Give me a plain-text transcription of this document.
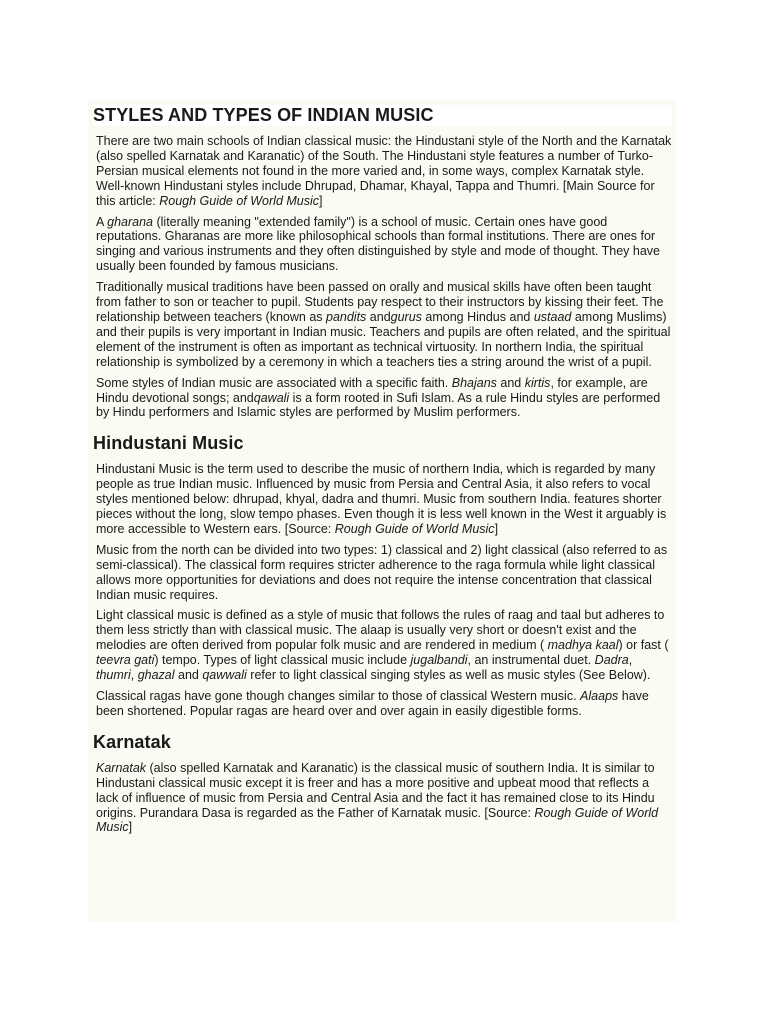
STYLES AND TYPES OF INDIAN MUSIC

There are two main schools of Indian classical music: the Hindustani style of the North and the Karnatak (also spelled Karnatak and Karanatic) of the South. The Hindustani style features a number of Turko-Persian musical elements not found in the more varied and, in some ways, complex Karnatak style. Well-known Hindustani styles include Dhrupad, Dhamar, Khayal, Tappa and Thumri. [Main Source for this article: Rough Guide of World Music]

A gharana (literally meaning "extended family") is a school of music. Certain ones have good reputations. Gharanas are more like philosophical schools than formal institutions. There are ones for singing and various instruments and they often distinguished by style and mode of thought. They have usually been founded by famous musicians.

Traditionally musical traditions have been passed on orally and musical skills have often been taught from father to son or teacher to pupil. Students pay respect to their instructors by kissing their feet. The relationship between teachers (known as pandits andgurus among Hindus and ustaad among Muslims) and their pupils is very important in Indian music. Teachers and pupils are often related, and the spiritual element of the instrument is often as important as technical virtuosity. In northern India, the spiritual relationship is symbolized by a ceremony in which a teachers ties a string around the wrist of a pupil.

Some styles of Indian music are associated with a specific faith. Bhajans and kirtis, for example, are Hindu devotional songs; andqawali is a form rooted in Sufi Islam. As a rule Hindu styles are performed by Hindu performers and Islamic styles are performed by Muslim performers.

Hindustani Music

Hindustani Music is the term used to describe the music of northern India, which is regarded by many people as true Indian music. Influenced by music from Persia and Central Asia, it also refers to vocal styles mentioned below: dhrupad, khyal, dadra and thumri. Music from southern India. features shorter pieces without the long, slow tempo phases. Even though it is less well known in the West it arguably is more accessible to Western ears. [Source: Rough Guide of World Music]

Music from the north can be divided into two types: 1) classical and 2) light classical (also referred to as semi-classical). The classical form requires stricter adherence to the raga formula while light classical allows more opportunities for deviations and does not require the intense concentration that classical Indian music requires.

Light classical music is defined as a style of music that follows the rules of raag and taal but adheres to them less strictly than with classical music. The alaap is usually very short or doesn't exist and the melodies are often derived from popular folk music and are rendered in medium ( madhya kaal) or fast ( teevra gati) tempo. Types of light classical music include jugalbandi, an instrumental duet. Dadra, thumri, ghazal and qawwali refer to light classical singing styles as well as music styles (See Below).

Classical ragas have gone though changes similar to those of classical Western music. Alaaps have been shortened. Popular ragas are heard over and over again in easily digestible forms.

Karnatak

Karnatak (also spelled Karnatak and Karanatic) is the classical music of southern India. It is similar to Hindustani classical music except it is freer and has a more positive and upbeat mood that reflects a lack of influence of music from Persia and Central Asia and the fact it has remained close to its Hindu origins. Purandara Dasa is regarded as the Father of Karnatak music. [Source: Rough Guide of World Music]
